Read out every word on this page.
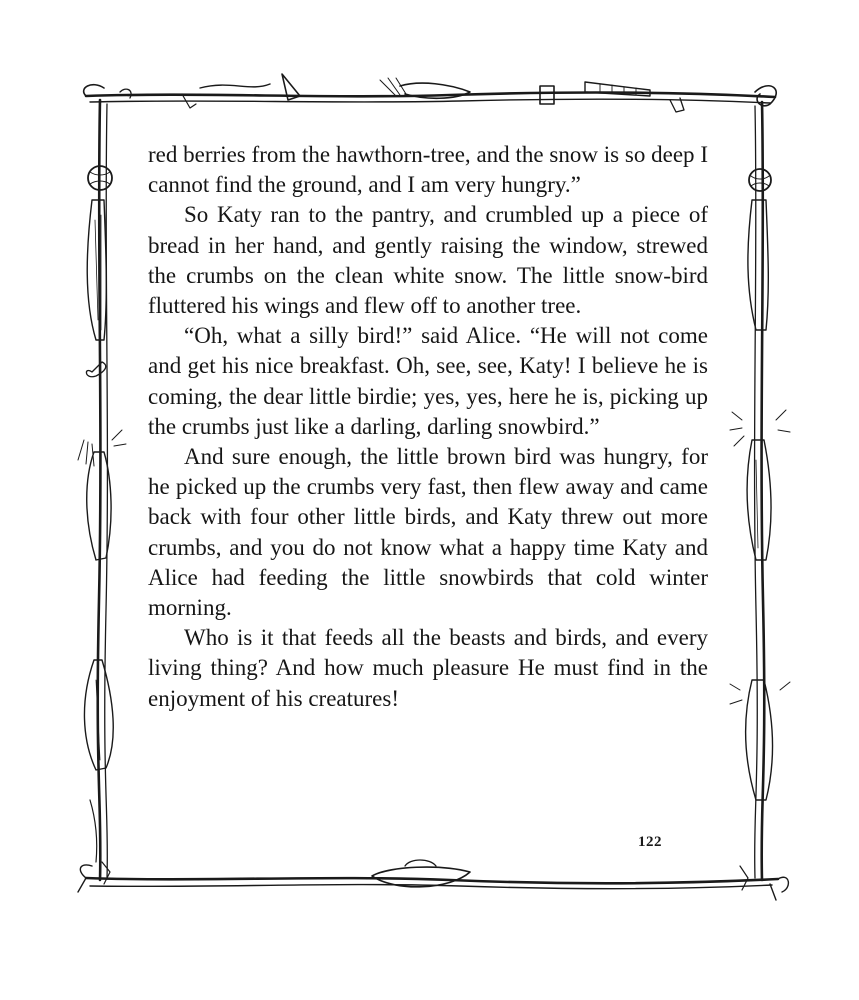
red berries from the hawthorn-tree, and the snow is so deep I cannot find the ground, and I am very hungry.”

So Katy ran to the pantry, and crumbled up a piece of bread in her hand, and gently raising the window, strewed the crumbs on the clean white snow. The little snow-bird fluttered his wings and flew off to another tree.

“Oh, what a silly bird!” said Alice. “He will not come and get his nice breakfast. Oh, see, see, Katy! I believe he is coming, the dear little birdie; yes, yes, here he is, picking up the crumbs just like a darling, darling snowbird.”

And sure enough, the little brown bird was hungry, for he picked up the crumbs very fast, then flew away and came back with four other little birds, and Katy threw out more crumbs, and you do not know what a happy time Katy and Alice had feeding the little snowbirds that cold winter morning.

Who is it that feeds all the beasts and birds, and every living thing? And how much pleasure He must find in the enjoyment of his creatures!

122
